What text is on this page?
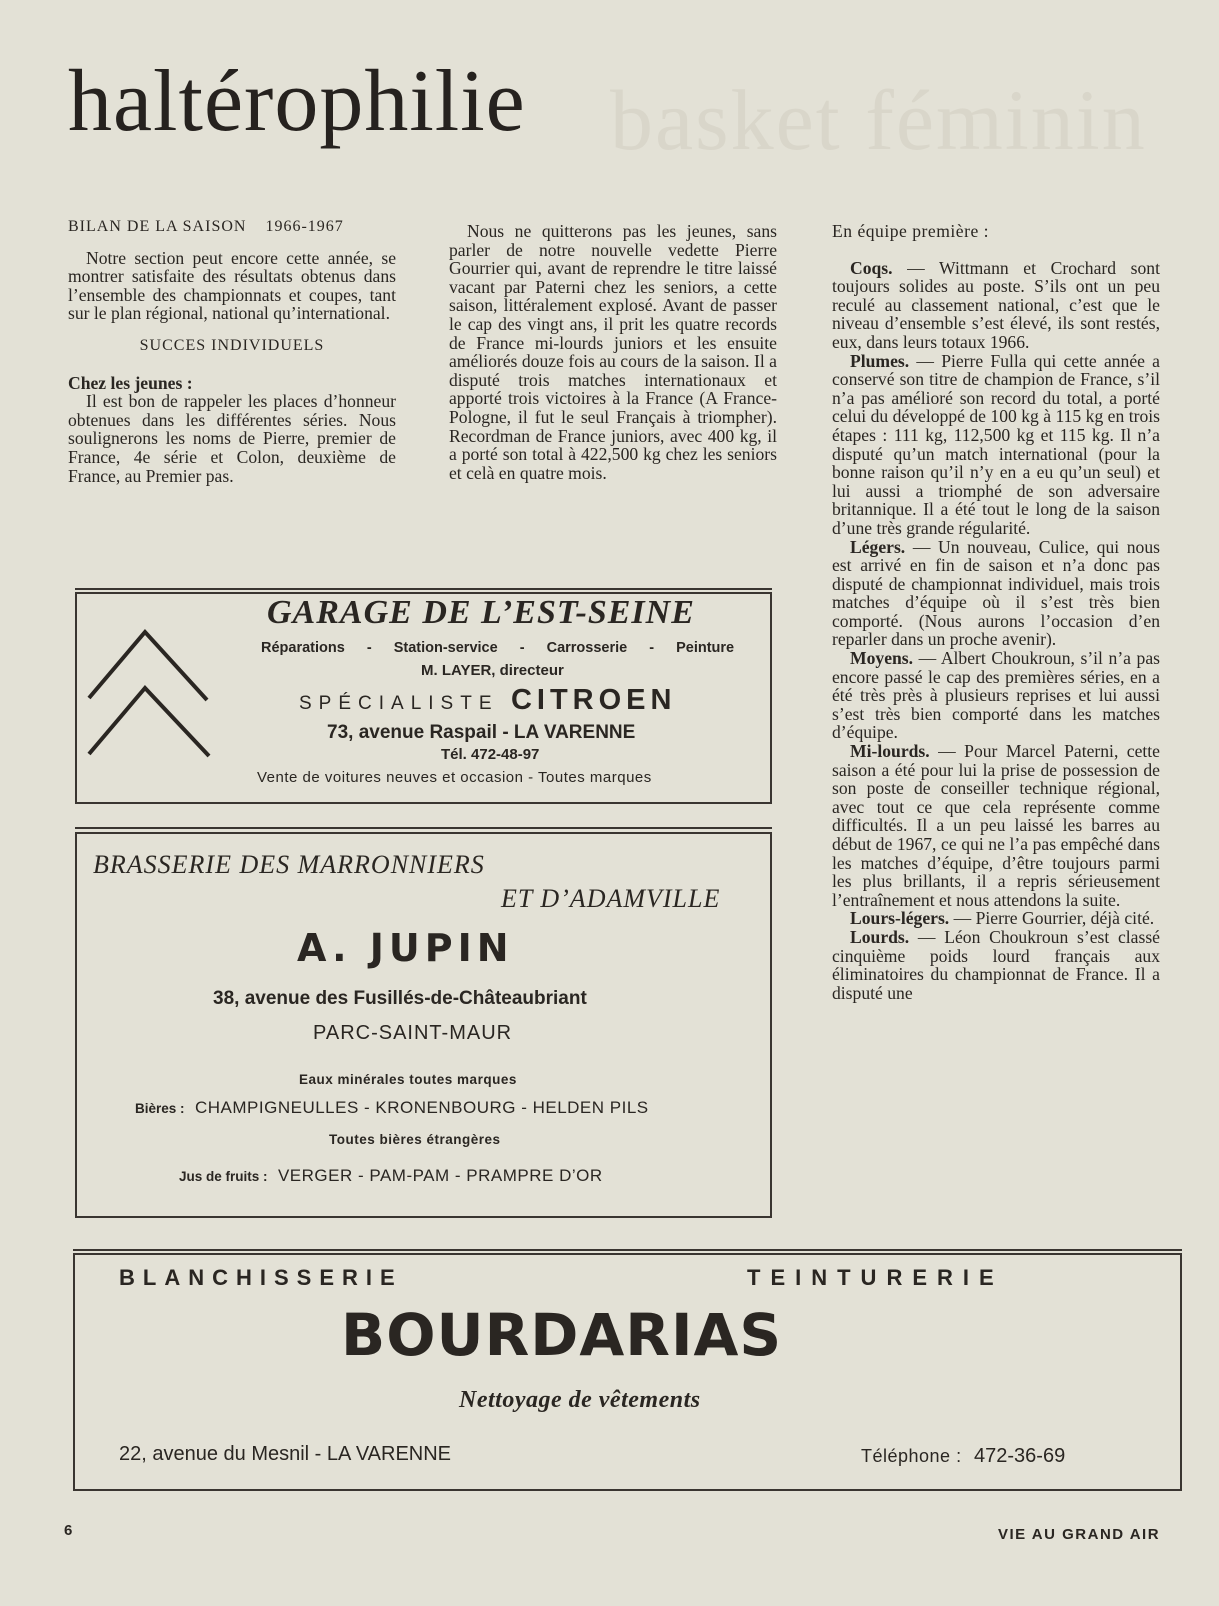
basket féminin
haltérophilie

BILAN DE LA SAISON 1966-1967

Notre section peut encore cette année, se montrer satisfaite des résultats obtenus dans l’ensemble des championnats et coupes, tant sur le plan régional, national qu’international.

SUCCES INDIVIDUELS

Chez les jeunes :

Il est bon de rappeler les places d’honneur obtenues dans les différentes séries. Nous soulignerons les noms de Pierre, premier de France, 4e série et Colon, deuxième de France, au Premier pas.

Nous ne quitterons pas les jeunes, sans parler de notre nouvelle vedette Pierre Gourrier qui, avant de reprendre le titre laissé vacant par Paterni chez les seniors, a cette saison, littéralement explosé. Avant de passer le cap des vingt ans, il prit les quatre records de France mi-lourds juniors et les ensuite améliorés douze fois au cours de la saison. Il a disputé trois matches internationaux et apporté trois victoires à la France (A France-Pologne, il fut le seul Français à triompher). Recordman de France juniors, avec 400 kg, il a porté son total à 422,500 kg chez les seniors et celà en quatre mois.

En équipe première :

Coqs. — Wittmann et Crochard sont toujours solides au poste. S’ils ont un peu reculé au classement national, c’est que le niveau d’ensemble s’est élevé, ils sont restés, eux, dans leurs totaux 1966.

Plumes. — Pierre Fulla qui cette année a conservé son titre de champion de France, s’il n’a pas amélioré son record du total, a porté celui du développé de 100 kg à 115 kg en trois étapes : 111 kg, 112,500 kg et 115 kg. Il n’a disputé qu’un match international (pour la bonne raison qu’il n’y en a eu qu’un seul) et lui aussi a triomphé de son adversaire britannique. Il a été tout le long de la saison d’une très grande régularité.

Légers. — Un nouveau, Culice, qui nous est arrivé en fin de saison et n’a donc pas disputé de championnat individuel, mais trois matches d’équipe où il s’est très bien comporté. (Nous aurons l’occasion d’en reparler dans un proche avenir).

Moyens. — Albert Choukroun, s’il n’a pas encore passé le cap des premières séries, en a été très près à plusieurs reprises et lui aussi s’est très bien comporté dans les matches d’équipe.

Mi-lourds. — Pour Marcel Paterni, cette saison a été pour lui la prise de possession de son poste de conseiller technique régional, avec tout ce que cela représente comme difficultés. Il a un peu laissé les barres au début de 1967, ce qui ne l’a pas empêché dans les matches d’équipe, d’être toujours parmi les plus brillants, il a repris sérieusement l’entraînement et nous attendons la suite.

Lours-légers. — Pierre Gourrier, déjà cité.

Lourds. — Léon Choukroun s’est classé cinquième poids lourd français aux éliminatoires du championnat de France. Il a disputé une

GARAGE DE L’EST-SEINE
Réparations - Station-service - Carrosserie - Peinture
M. LAYER, directeur
SPÉCIALISTE CITROEN
73, avenue Raspail - LA VARENNE
Tél. 472-48-97
Vente de voitures neuves et occasion - Toutes marques
BRASSERIE DES MARRONNIERS
ET D’ADAMVILLE
A. JUPIN
38, avenue des Fusillés-de-Châteaubriant
PARC-SAINT-MAUR
Eaux minérales toutes marques
Bières : CHAMPIGNEULLES - KRONENBOURG - HELDEN PILS
Toutes bières étrangères
Jus de fruits : VERGER - PAM-PAM - PRAMPRE D’OR
BLANCHISSERIE	TEINTURERIE
BOURDARIAS
Nettoyage de vêtements
22, avenue du Mesnil - LA VARENNE	Téléphone : 472-36-69
6	VIE AU GRAND AIR
